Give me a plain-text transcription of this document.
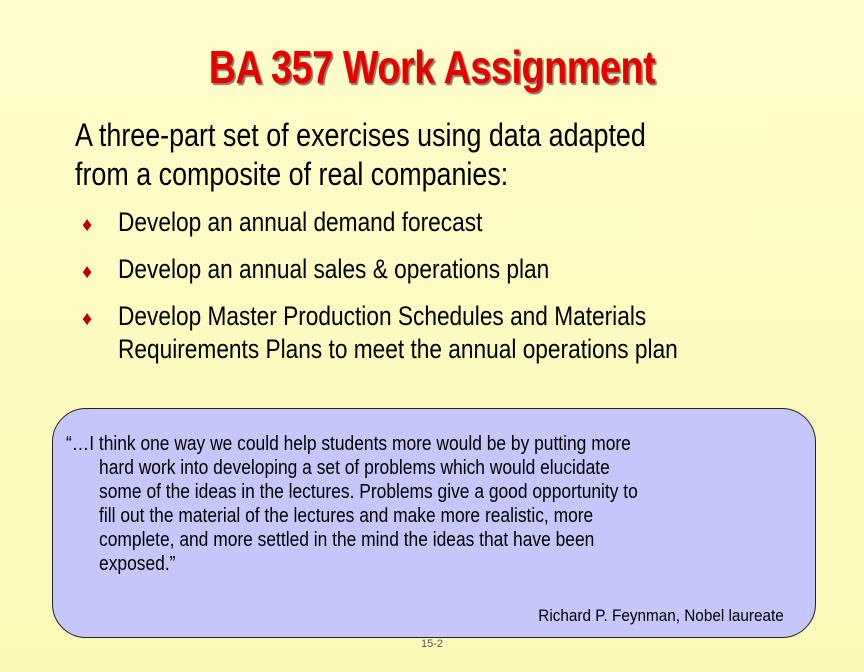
BA 357 Work Assignment
A three-part set of exercises using data adapted
from a composite of real companies:
♦ Develop an annual demand forecast
♦ Develop an annual sales & operations plan
♦ Develop Master Production Schedules and Materials
Requirements Plans to meet the annual operations plan
“…I think one way we could help students more would be by putting more
hard work into developing a set of problems which would elucidate
some of the ideas in the lectures. Problems give a good opportunity to
fill out the material of the lectures and make more realistic, more
complete, and more settled in the mind the ideas that have been
exposed.”
Richard P. Feynman, Nobel laureate
15-2
